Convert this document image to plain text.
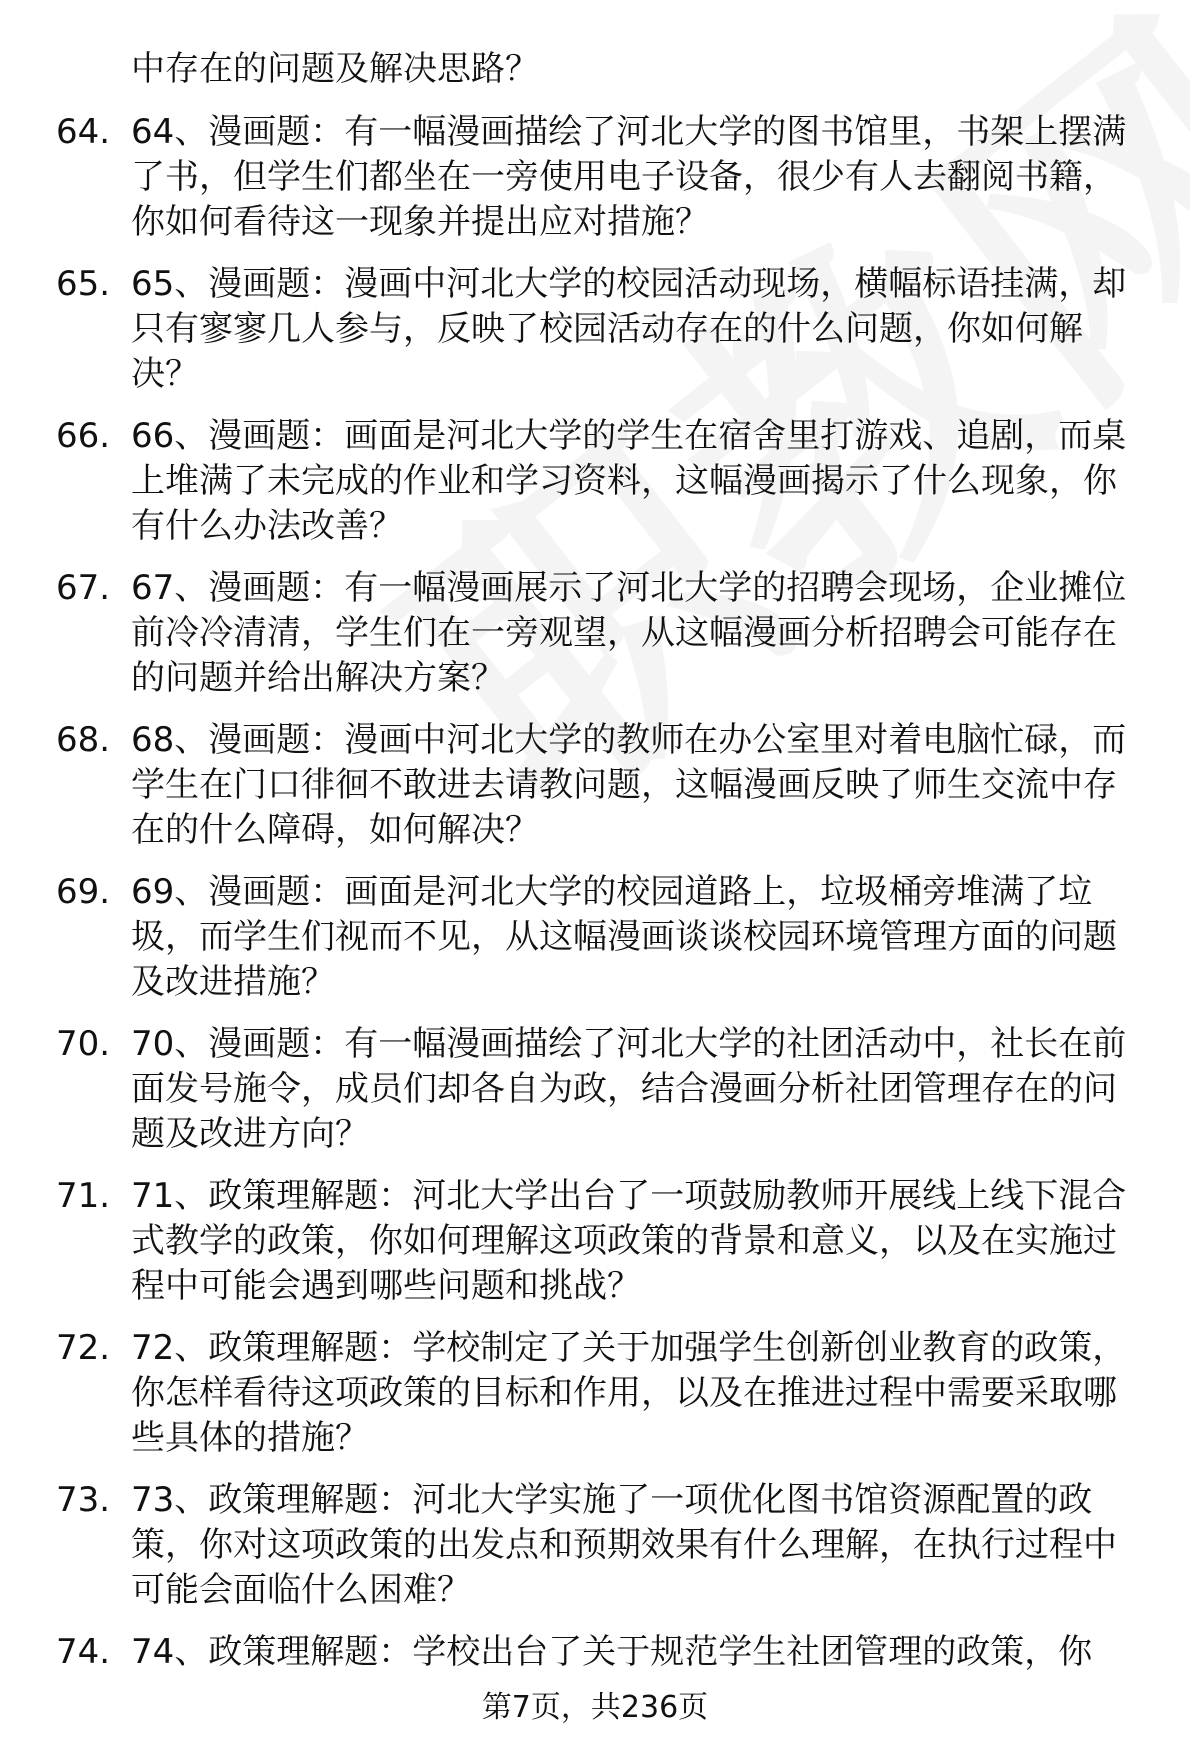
中存在的问题及解决思路？
64. 64、漫画题：有一幅漫画描绘了河北大学的图书馆里，书架上摆满了书，但学生们都坐在一旁使用电子设备，很少有人去翻阅书籍，你如何看待这一现象并提出应对措施？
65. 65、漫画题：漫画中河北大学的校园活动现场，横幅标语挂满，却只有寥寥几人参与，反映了校园活动存在的什么问题，你如何解决？
66. 66、漫画题：画面是河北大学的学生在宿舍里打游戏、追剧，而桌上堆满了未完成的作业和学习资料，这幅漫画揭示了什么现象，你有什么办法改善？
67. 67、漫画题：有一幅漫画展示了河北大学的招聘会现场，企业摊位前冷冷清清，学生们在一旁观望，从这幅漫画分析招聘会可能存在的问题并给出解决方案？
68. 68、漫画题：漫画中河北大学的教师在办公室里对着电脑忙碌，而学生在门口徘徊不敢进去请教问题，这幅漫画反映了师生交流中存在的什么障碍，如何解决？
69. 69、漫画题：画面是河北大学的校园道路上，垃圾桶旁堆满了垃圾，而学生们视而不见，从这幅漫画谈谈校园环境管理方面的问题及改进措施？
70. 70、漫画题：有一幅漫画描绘了河北大学的社团活动中，社长在前面发号施令，成员们却各自为政，结合漫画分析社团管理存在的问题及改进方向？
71. 71、政策理解题：河北大学出台了一项鼓励教师开展线上线下混合式教学的政策，你如何理解这项政策的背景和意义，以及在实施过程中可能会遇到哪些问题和挑战？
72. 72、政策理解题：学校制定了关于加强学生创新创业教育的政策，你怎样看待这项政策的目标和作用，以及在推进过程中需要采取哪些具体的措施？
73. 73、政策理解题：河北大学实施了一项优化图书馆资源配置的政策，你对这项政策的出发点和预期效果有什么理解，在执行过程中可能会面临什么困难？
74. 74、政策理解题：学校出台了关于规范学生社团管理的政策，你
第7页，共236页
